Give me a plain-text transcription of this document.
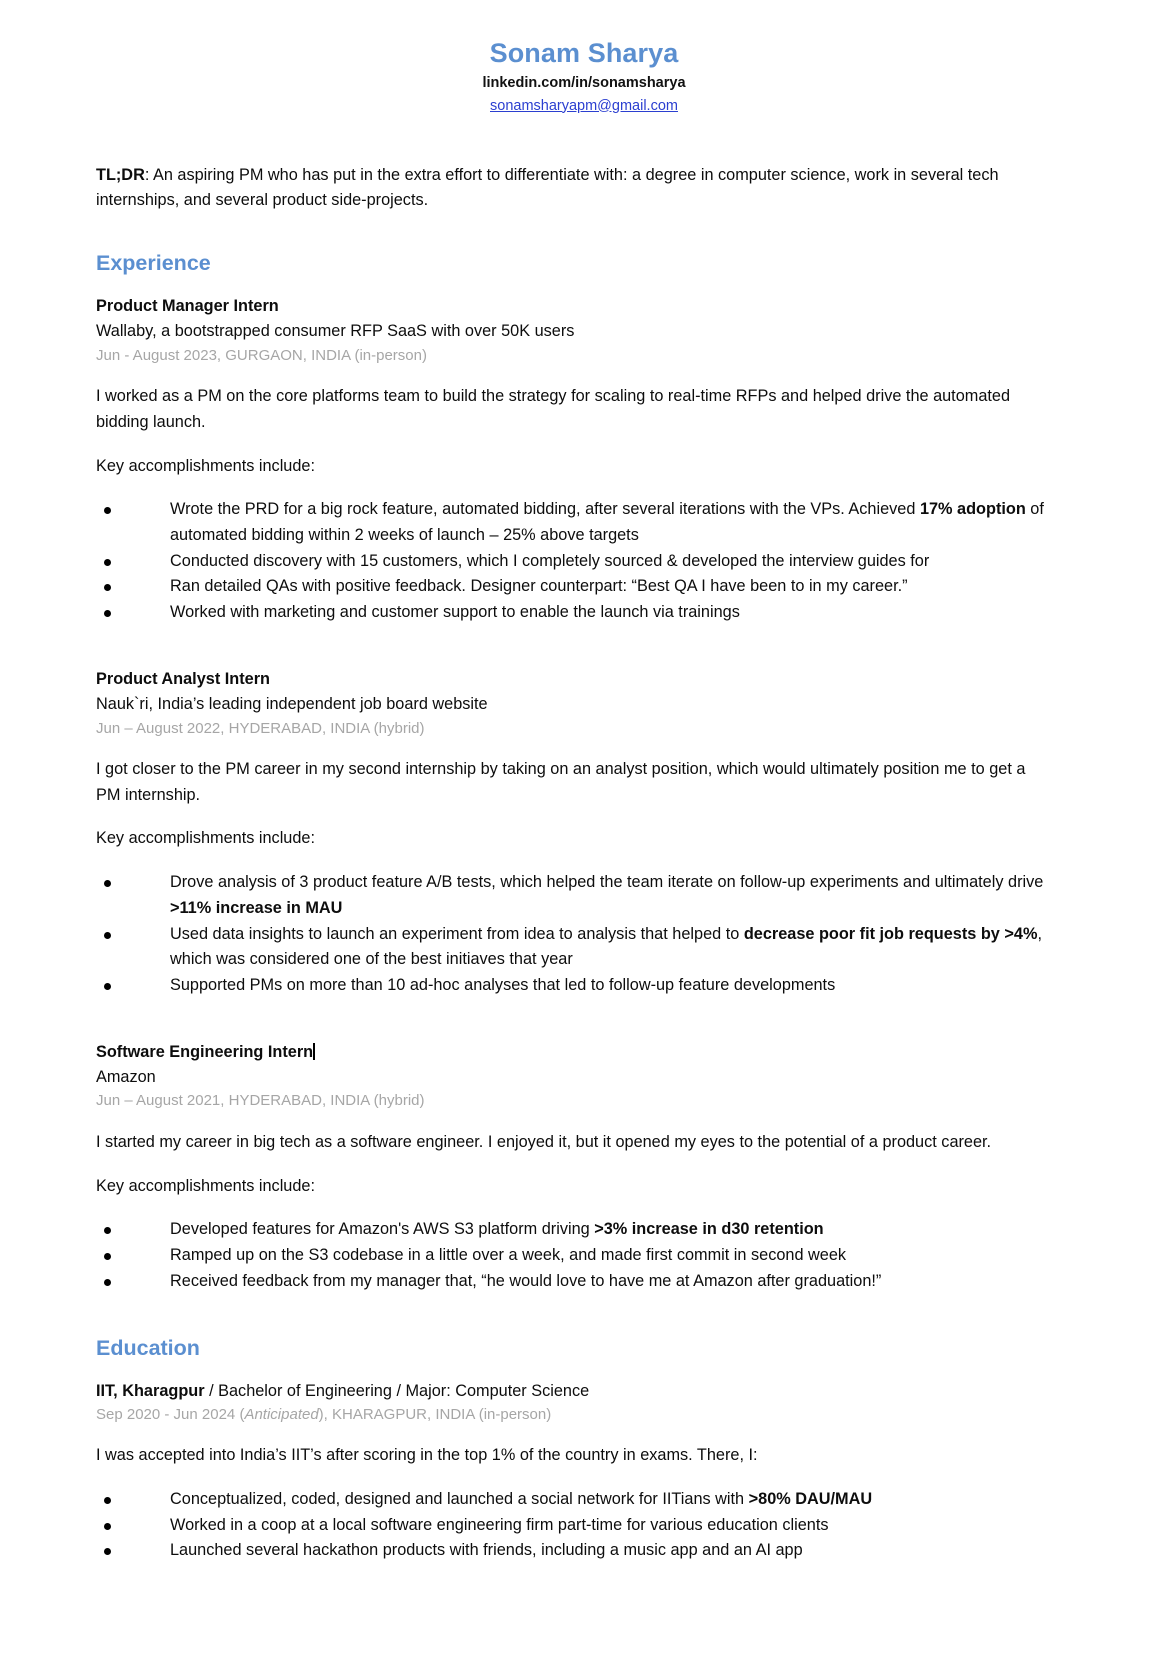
Sonam Sharya
linkedin.com/in/sonamsharya
sonamsharyapm@gmail.com

TL;DR: An aspiring PM who has put in the extra effort to differentiate with: a degree in computer science, work in several tech internships, and several product side-projects.

Experience
Product Manager Intern
Wallaby, a bootstrapped consumer RFP SaaS with over 50K users
Jun - August 2023, GURGAON, INDIA (in-person)

I worked as a PM on the core platforms team to build the strategy for scaling to real-time RFPs and helped drive the automated bidding launch.

Key accomplishments include:

Wrote the PRD for a big rock feature, automated bidding, after several iterations with the VPs. Achieved 17% adoption of automated bidding within 2 weeks of launch – 25% above targets
Conducted discovery with 15 customers, which I completely sourced & developed the interview guides for
Ran detailed QAs with positive feedback. Designer counterpart: “Best QA I have been to in my career.”
Worked with marketing and customer support to enable the launch via trainings
Product Analyst Intern
Nauk`ri, India’s leading independent job board website
Jun – August 2022, HYDERABAD, INDIA (hybrid)

I got closer to the PM career in my second internship by taking on an analyst position, which would ultimately position me to get a PM internship.

Key accomplishments include:

Drove analysis of 3 product feature A/B tests, which helped the team iterate on follow-up experiments and ultimately drive >11% increase in MAU
Used data insights to launch an experiment from idea to analysis that helped to decrease poor fit job requests by >4%, which was considered one of the best initiaves that year
Supported PMs on more than 10 ad-hoc analyses that led to follow-up feature developments
Software Engineering Intern
Amazon
Jun – August 2021, HYDERABAD, INDIA (hybrid)

I started my career in big tech as a software engineer. I enjoyed it, but it opened my eyes to the potential of a product career.

Key accomplishments include:

Developed features for Amazon's AWS S3 platform driving >3% increase in d30 retention
Ramped up on the S3 codebase in a little over a week, and made first commit in second week
Received feedback from my manager that, “he would love to have me at Amazon after graduation!”
Education
IIT, Kharagpur / Bachelor of Engineering / Major: Computer Science
Sep 2020 - Jun 2024 (Anticipated), KHARAGPUR, INDIA (in-person)

I was accepted into India’s IIT’s after scoring in the top 1% of the country in exams. There, I:

Conceptualized, coded, designed and launched a social network for IITians with >80% DAU/MAU
Worked in a coop at a local software engineering firm part-time for various education clients
Launched several hackathon products with friends, including a music app and an AI app
